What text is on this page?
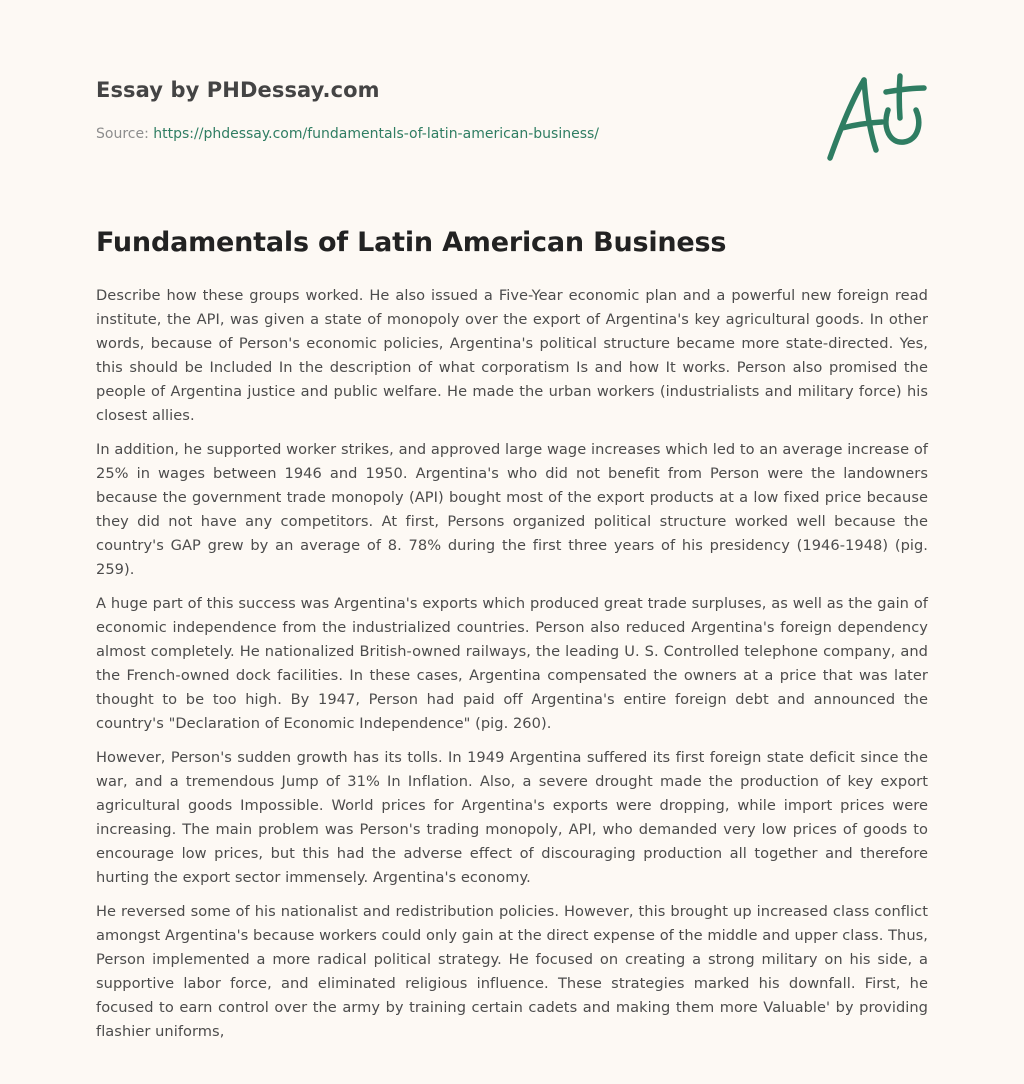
Essay by PHDessay.com
Source: https://phdessay.com/fundamentals-of-latin-american-business/
Fundamentals of Latin American Business

Describe how these groups worked. He also issued a Five-Year economic plan and a powerful new foreign read institute, the API, was given a state of monopoly over the export of Argentina's key agricultural goods. In other words, because of Person's economic policies, Argentina's political structure became more state-directed. Yes, this should be Included In the description of what corporatism Is and how It works. Person also promised the people of Argentina justice and public welfare. He made the urban workers (industrialists and military force) his closest allies.

In addition, he supported worker strikes, and approved large wage increases which led to an average increase of 25% in wages between 1946 and 1950. Argentina's who did not benefit from Person were the landowners because the government trade monopoly (API) bought most of the export products at a low fixed price because they did not have any competitors. At first, Persons organized political structure worked well because the country's GAP grew by an average of 8. 78% during the first three years of his presidency (1946-1948) (pig. 259).

A huge part of this success was Argentina's exports which produced great trade surpluses, as well as the gain of economic independence from the industrialized countries. Person also reduced Argentina's foreign dependency almost completely. He nationalized British-owned railways, the leading U. S. Controlled telephone company, and the French-owned dock facilities. In these cases, Argentina compensated the owners at a price that was later thought to be too high. By 1947, Person had paid off Argentina's entire foreign debt and announced the country's "Declaration of Economic Independence" (pig. 260).

However, Person's sudden growth has its tolls. In 1949 Argentina suffered its first foreign state deficit since the war, and a tremendous Jump of 31% In Inflation. Also, a severe drought made the production of key export agricultural goods Impossible. World prices for Argentina's exports were dropping, while import prices were increasing. The main problem was Person's trading monopoly, API, who demanded very low prices of goods to encourage low prices, but this had the adverse effect of discouraging production all together and therefore hurting the export sector immensely. Argentina's economy.

He reversed some of his nationalist and redistribution policies. However, this brought up increased class conflict amongst Argentina's because workers could only gain at the direct expense of the middle and upper class. Thus, Person implemented a more radical political strategy. He focused on creating a strong military on his side, a supportive labor force, and eliminated religious influence. These strategies marked his downfall. First, he focused to earn control over the army by training certain cadets and making them more Valuable' by providing flashier uniforms,
